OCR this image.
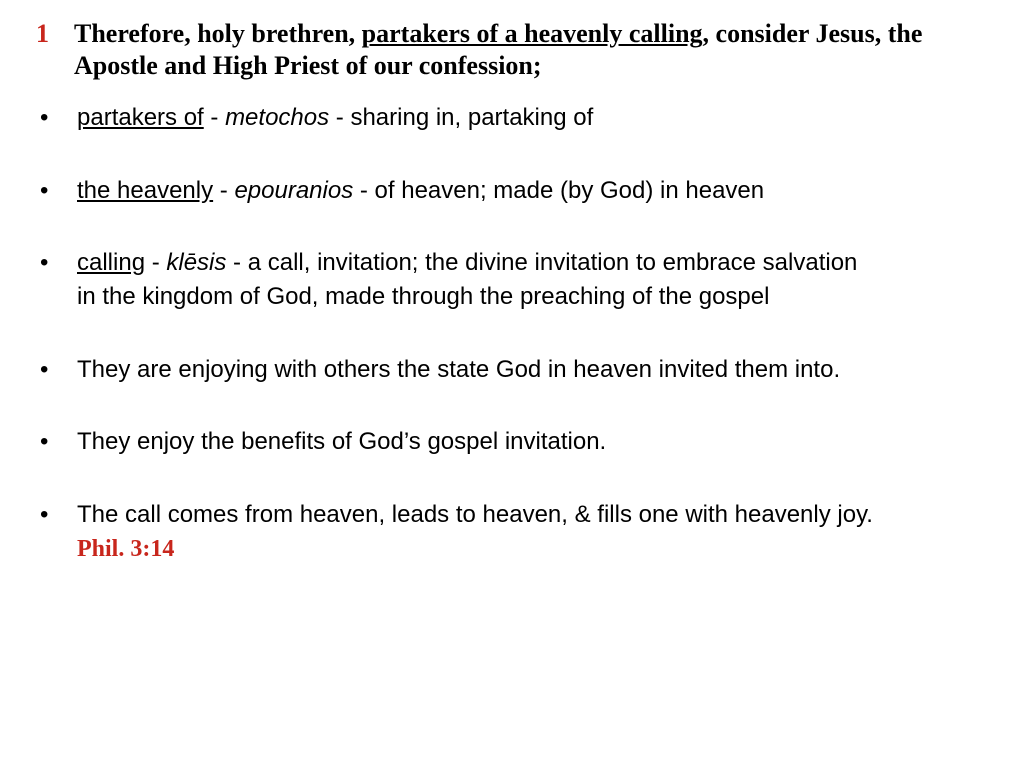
1 Therefore, holy brethren, partakers of a heavenly calling, consider Jesus, the
Apostle and High Priest of our confession;
•	partakers of - metochos - sharing in, partaking of
•	the heavenly - epouranios - of heaven; made (by God) in heaven
•	calling - klēsis - a call, invitation; the divine invitation to embrace salvation
in the kingdom of God, made through the preaching of the gospel
•	They are enjoying with others the state God in heaven invited them into.
•	They enjoy the benefits of God’s gospel invitation.
•	The call comes from heaven, leads to heaven, & fills one with heavenly joy.
Phil. 3:14
